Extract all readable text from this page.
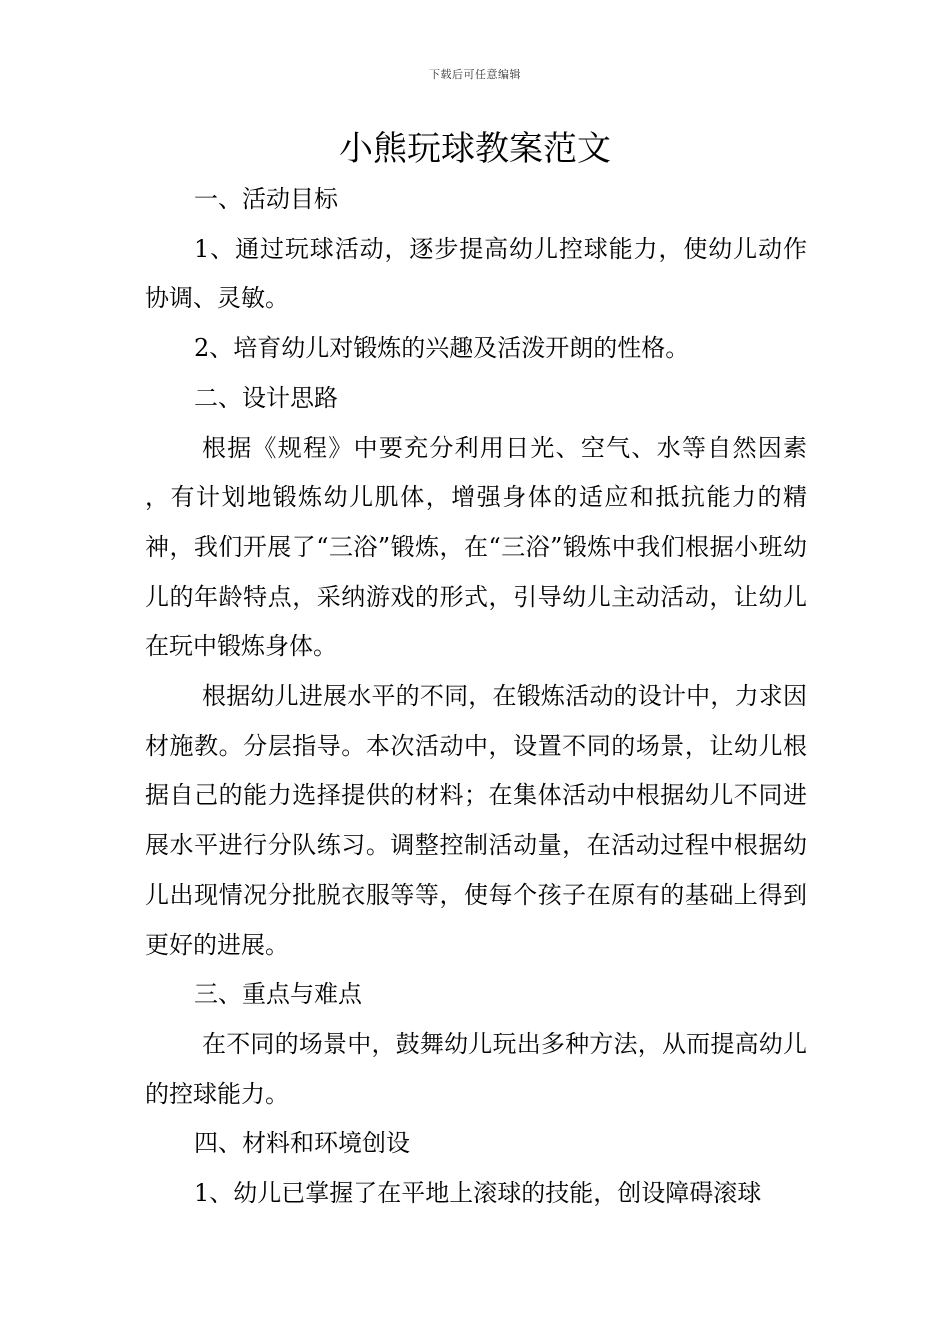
下载后可任意编辑
小熊玩球教案范文

一、活动目标

1、通过玩球活动，逐步提高幼儿控球能力，使幼儿动作协调、灵敏。

2、培育幼儿对锻炼的兴趣及活泼开朗的性格。

二、设计思路

根据《规程》中要充分利用日光、空气、水等自然因素 ，有计划地锻炼幼儿肌体，增强身体的适应和抵抗能力的精神，我们开展了“三浴”锻炼，在“三浴”锻炼中我们根据小班幼儿的年龄特点，采纳游戏的形式，引导幼儿主动活动，让幼儿在玩中锻炼身体。

根据幼儿进展水平的不同，在锻炼活动的设计中，力求因材施教。分层指导。本次活动中，设置不同的场景，让幼儿根据自己的能力选择提供的材料；在集体活动中根据幼儿不同进展水平进行分队练习。调整控制活动量，在活动过程中根据幼儿出现情况分批脱衣服等等，使每个孩子在原有的基础上得到更好的进展。

三、重点与难点

在不同的场景中，鼓舞幼儿玩出多种方法，从而提高幼儿的控球能力。

四、材料和环境创设

1、幼儿已掌握了在平地上滚球的技能，创设障碍滚球
